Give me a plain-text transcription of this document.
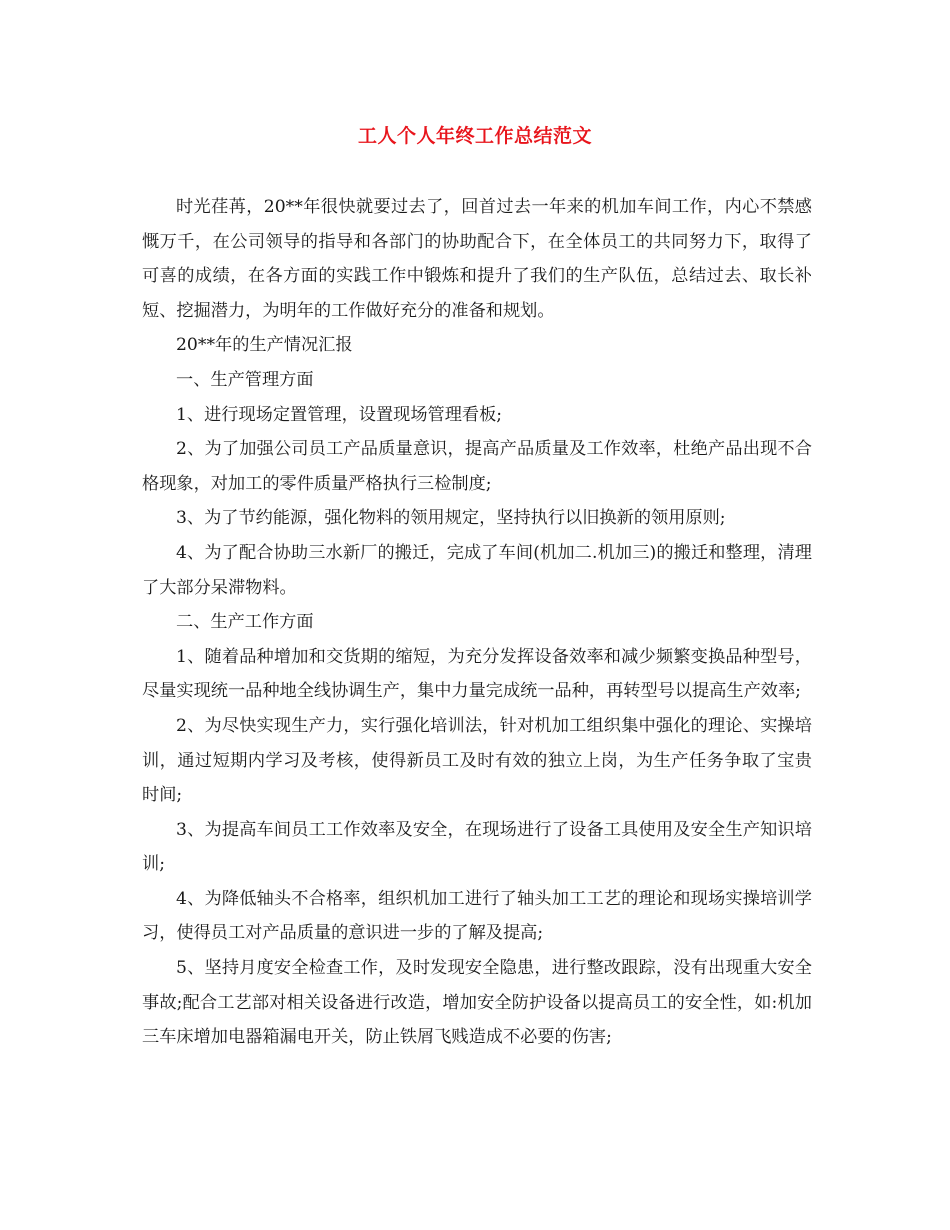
工人个人年终工作总结范文

时光荏苒，20**年很快就要过去了，回首过去一年来的机加车间工作，内心不禁感慨万千，在公司领导的指导和各部门的协助配合下，在全体员工的共同努力下，取得了可喜的成绩，在各方面的实践工作中锻炼和提升了我们的生产队伍，总结过去、取长补短、挖掘潜力，为明年的工作做好充分的准备和规划。

20**年的生产情况汇报

一、生产管理方面

1、进行现场定置管理，设置现场管理看板;

2、为了加强公司员工产品质量意识，提高产品质量及工作效率，杜绝产品出现不合格现象，对加工的零件质量严格执行三检制度;

3、为了节约能源，强化物料的领用规定，坚持执行以旧换新的领用原则;

4、为了配合协助三水新厂的搬迁，完成了车间(机加二.机加三)的搬迁和整理，清理了大部分呆滞物料。

二、生产工作方面

1、随着品种增加和交货期的缩短，为充分发挥设备效率和减少频繁变换品种型号，尽量实现统一品种地全线协调生产，集中力量完成统一品种，再转型号以提高生产效率;

2、为尽快实现生产力，实行强化培训法，针对机加工组织集中强化的理论、实操培训，通过短期内学习及考核，使得新员工及时有效的独立上岗，为生产任务争取了宝贵时间;

3、为提高车间员工工作效率及安全，在现场进行了设备工具使用及安全生产知识培训;

4、为降低轴头不合格率，组织机加工进行了轴头加工工艺的理论和现场实操培训学习，使得员工对产品质量的意识进一步的了解及提高;

5、坚持月度安全检查工作，及时发现安全隐患，进行整改跟踪，没有出现重大安全事故;配合工艺部对相关设备进行改造，增加安全防护设备以提高员工的安全性，如:机加三车床增加电器箱漏电开关，防止铁屑飞贱造成不必要的伤害;
